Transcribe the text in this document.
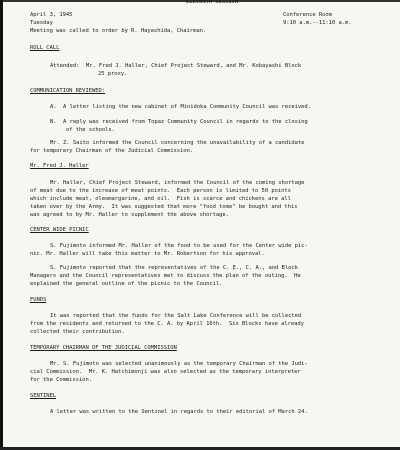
ELEVENTH SESSION
April 3, 1945	Conference Room
Tuesday	9:10 a.m.--11:10 a.m.
Meeting was called to order by R. Hayashida, Chairman.
ROLL CALL
Attended:  Mr. Fred J. Haller, Chief Project Steward, and Mr. Kobayashi Block
25 proxy.
COMMUNICATION REVIEWED:
A.  A letter listing the new cabinet of Minidoka Community Council was received.
B.  A reply was received from Topaz Community Council in regards to the closing
of the schools.
Mr. Z. Saito informed the Council concerning the unavailability of a candidate
for temporary Chairman of the Judicial Commission.
Mr. Fred J. Haller
Mr. Haller, Chief Project Steward, informed the Council of the coming shortage
of meat due to the increase of meat points.  Each person is limited to 50 points
which include meat, oleomargarine, and oil.  Fish is scarce and chickens are all
taken over by the Army.  It was suggested that more "food tome" be bought and this
was agreed to by Mr. Haller to supplement the above shortage.
CENTER WIDE PICNIC
S. Fujimoto informed Mr. Haller of the food to be used for the Center wide pic-
nic. Mr. Haller will take this matter to Mr. Robertson for his approval.
S. Fujimoto reported that the representatives of the C. E., C. A., and Block
Managers and the Council representatives met to discuss the plan of the outing.  He
explained the general outline of the picnic to the Council.
FUNDS
It was reported that the funds for the Salt Lake Conference will be collected
from the residents and returned to the C. A. by April 16th.  Six Blocks have already
collected their contribution.
TEMPORARY CHAIRMAN OF THE JUDICIAL COMMISSION
Mr. S. Fujimoto was selected unanimously as the temporary Chairman of the Judi-
cial Commission.  Mr. K. Hatchimonji was also selected as the temporary interpreter
for the Commission.
SENTINEL
A letter was written to the Sentinel in regards to their editorial of March 24.
